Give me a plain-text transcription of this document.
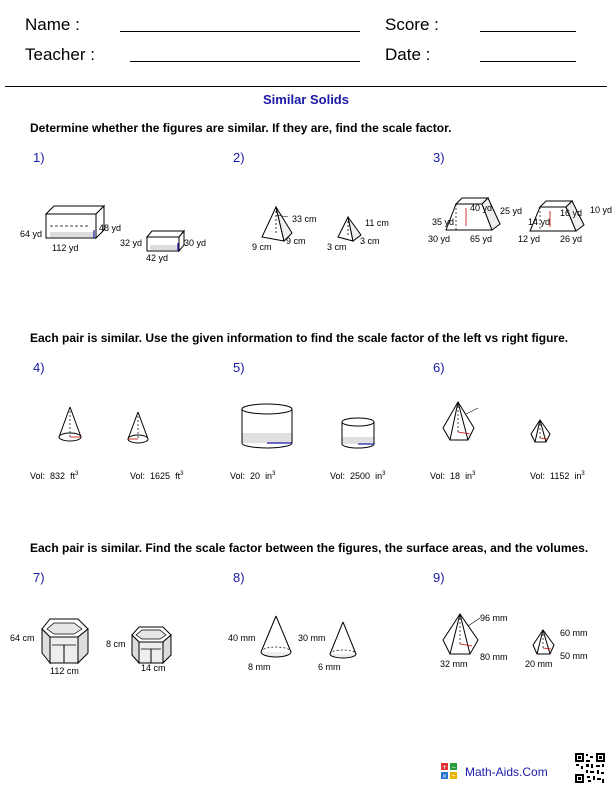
Name :	Score :
Teacher :	Date :
Similar Solids
Determine whether the figures are similar. If they are, find the scale factor.
Each pair is similar. Use the given information to find the scale factor of the left vs right figure.
Each pair is similar. Find the scale factor between the figures, the surface areas, and the volumes.
1)	2)	3)
4)	5)	6)
7)	8)	9)
64 yd
48 yd
112 yd	32 yd	30 yd
42 yd
33 cm
9 cm
9 cm
11 cm
3 cm
3 cm
35 yd
40 yd 25 yd
30 yd 65 yd
14 yd
16 yd 10 yd
12 yd 26 yd
Vol: 832 $ft^3$	Vol: 1625 $ft^3$	Vol: 20 $in^3$	Vol: 2500 $in^3$	Vol: 18 $in^3$	Vol: 1152 $in^3$
64 cm
112 cm
8 cm
14 cm
40 mm
8 mm
30 mm
6 mm
96 mm
80 mm
32 mm
60 mm
50 mm
20 mm
+ −
× ÷ Math-Aids.Com
